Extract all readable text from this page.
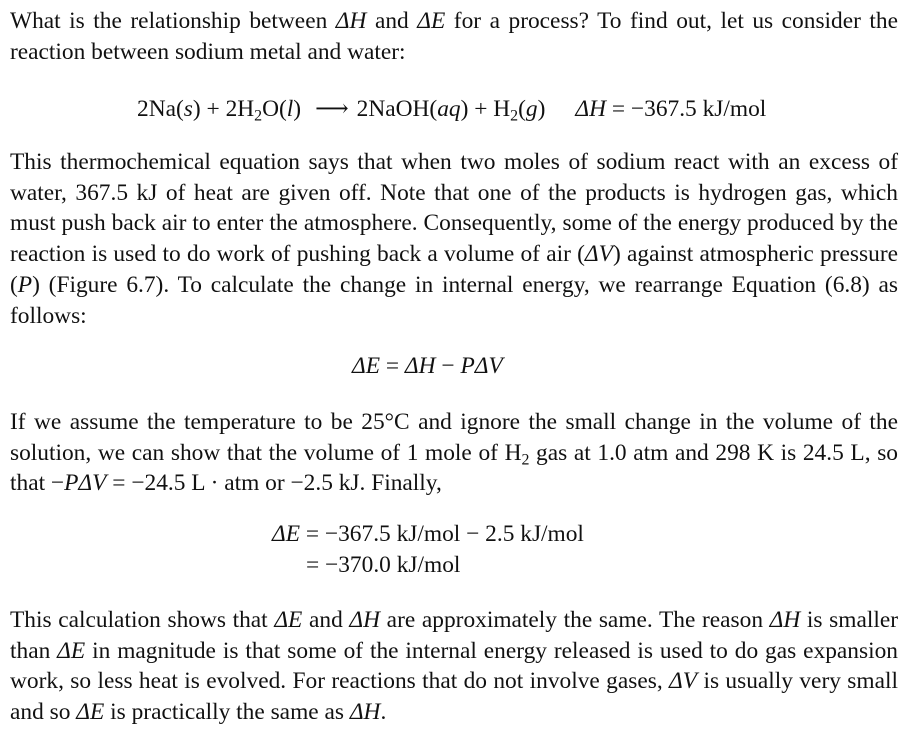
What is the relationship between ΔH and ΔE for a process? To find out, let us consider the reaction between sodium metal and water:

$2Na(s) + 2H_2O(l)$ ⟶ 2NaOH(aq) + $H_2(g) \Delta H = -367.5$ kJ/mol

This thermochemical equation says that when two moles of sodium react with an excess of water, 367.5 kJ of heat are given off. Note that one of the products is hydrogen gas, which must push back air to enter the atmosphere. Consequently, some of the energy produced by the reaction is used to do work of pushing back a volume of air (ΔV) against atmospheric pressure (P) (Figure 6.7). To calculate the change in internal energy, we rearrange Equation (6.8) as follows:

ΔE = ΔH − PΔV

If we assume the temperature to be 25°C and ignore the small change in the volume of the solution, we can show that the volume of 1 mole of $H_2$ gas at 1.0 atm and 298 K is 24.5 L, so that −PΔV = −24.5 L · atm or −2.5 kJ. Finally,

ΔE = −367.5 kJ/mol − 2.5 kJ/mol
= −370.0 kJ/mol

This calculation shows that ΔE and ΔH are approximately the same. The reason ΔH is smaller than ΔE in magnitude is that some of the internal energy released is used to do gas expansion work, so less heat is evolved. For reactions that do not involve gases, ΔV is usually very small and so ΔE is practically the same as ΔH.
